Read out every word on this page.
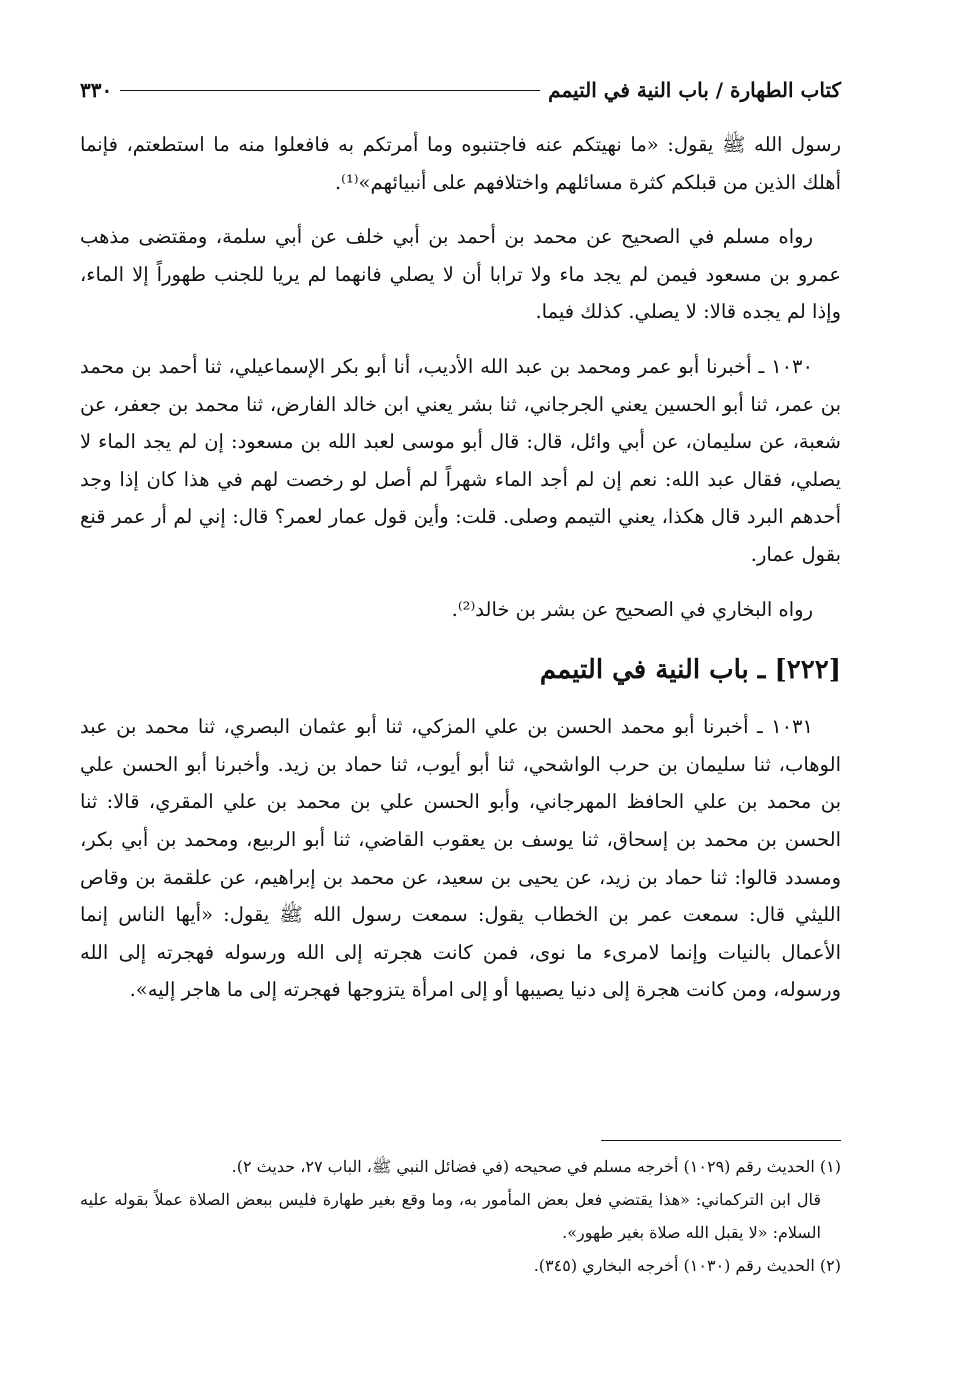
كتاب الطهارة / باب النية في التيمم
٣٣٠

رسول الله ﷺ يقول: «ما نهيتكم عنه فاجتنبوه وما أمرتكم به فافعلوا منه ما استطعتم، فإنما أهلك الذين من قبلكم كثرة مسائلهم واختلافهم على أنبيائهم»⁽¹⁾.

رواه مسلم في الصحيح عن محمد بن أحمد بن أبي خلف عن أبي سلمة، ومقتضى مذهب عمرو بن مسعود فيمن لم يجد ماء ولا ترابا أن لا يصلي فانهما لم يريا للجنب طهوراً إلا الماء، وإذا لم يجده قالا: لا يصلي. كذلك فيما.

١٠٣٠ ـ أخبرنا أبو عمر ومحمد بن عبد الله الأديب، أنا أبو بكر الإسماعيلي، ثنا أحمد بن محمد بن عمر، ثنا أبو الحسين يعني الجرجاني، ثنا بشر يعني ابن خالد الفارض، ثنا محمد بن جعفر، عن شعبة، عن سليمان، عن أبي وائل، قال: قال أبو موسى لعبد الله بن مسعود: إن لم يجد الماء لا يصلي، فقال عبد الله: نعم إن لم أجد الماء شهراً لم أصل لو رخصت لهم في هذا كان إذا وجد أحدهم البرد قال هكذا، يعني التيمم وصلى. قلت: وأين قول عمار لعمر؟ قال: إني لم أر عمر قنع بقول عمار.

رواه البخاري في الصحيح عن بشر بن خالد⁽²⁾.

[٢٢٢] ـ باب النية في التيمم

١٠٣١ ـ أخبرنا أبو محمد الحسن بن علي المزكي، ثنا أبو عثمان البصري، ثنا محمد بن عبد الوهاب، ثنا سليمان بن حرب الواشحي، ثنا أبو أيوب، ثنا حماد بن زيد. وأخبرنا أبو الحسن علي بن محمد بن علي الحافظ المهرجاني، وأبو الحسن علي بن محمد بن علي المقري، قالا: ثنا الحسن بن محمد بن إسحاق، ثنا يوسف بن يعقوب القاضي، ثنا أبو الربيع، ومحمد بن أبي بكر، ومسدد قالوا: ثنا حماد بن زيد، عن يحيى بن سعيد، عن محمد بن إبراهيم، عن علقمة بن وقاص الليثي قال: سمعت عمر بن الخطاب يقول: سمعت رسول الله ﷺ يقول: «أيها الناس إنما الأعمال بالنيات وإنما لامرىء ما نوى، فمن كانت هجرته إلى الله ورسوله فهجرته إلى الله ورسوله، ومن كانت هجرة إلى دنيا يصيبها أو إلى امرأة يتزوجها فهجرته إلى ما هاجر إليه».

(١) الحديث رقم (١٠٢٩) أخرجه مسلم في صحيحه (في فضائل النبي ﷺ، الباب ٢٧، حديث ٢).

قال ابن التركماني: «هذا يقتضي فعل بعض المأمور به، وما وقع بغير طهارة فليس ببعض الصلاة عملاً بقوله عليه السلام: «لا يقبل الله صلاة بغير طهور».

(٢) الحديث رقم (١٠٣٠) أخرجه البخاري (٣٤٥).
